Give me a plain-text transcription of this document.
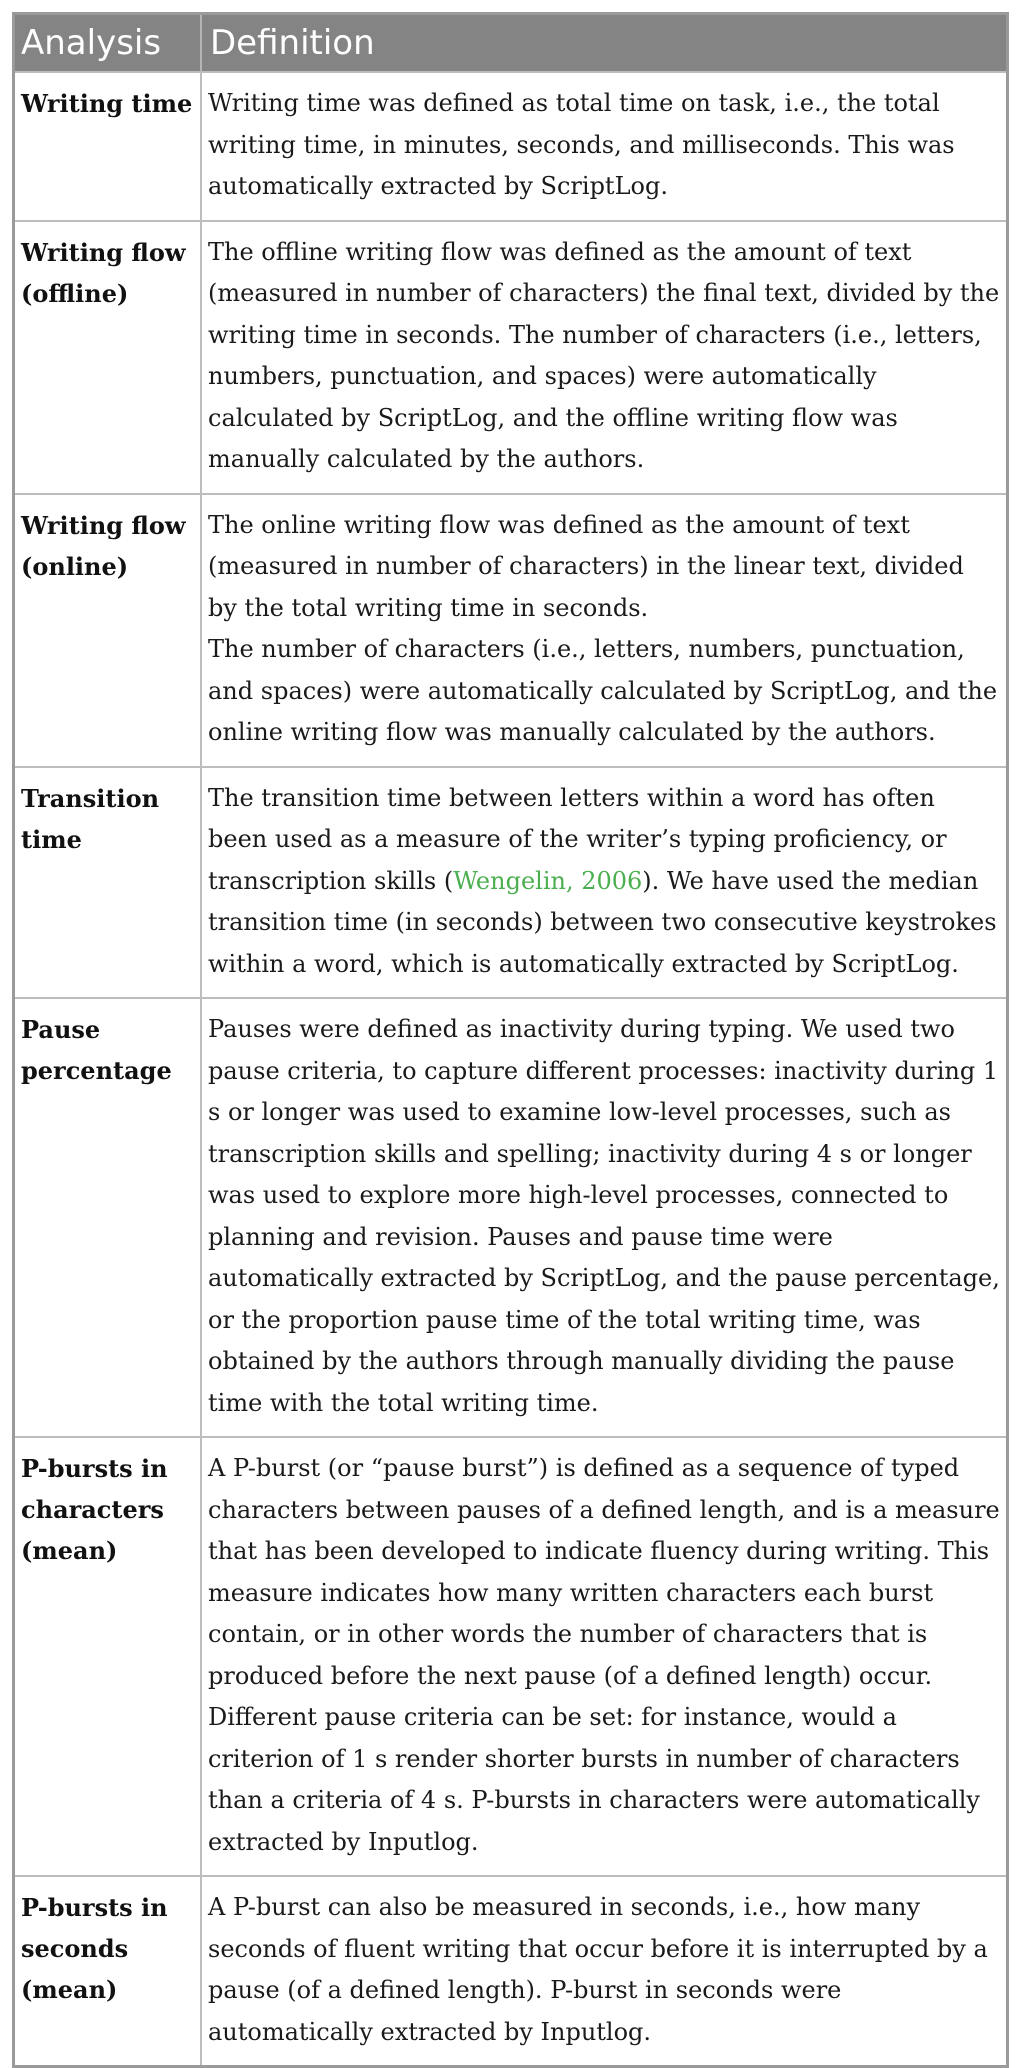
Analysis	Definition
Writing time Writing time was defined as total time on task, i.e., the total writing time, in minutes, seconds, and milliseconds. This was automatically extracted by ScriptLog.
Writing flow (offline)
The offline writing flow was defined as the amount of text (measured in number of characters) the final text, divided by the writing time in seconds. The number of characters (i.e., letters, numbers, punctuation, and spaces) were automatically calculated by ScriptLog, and the offline writing flow was manually calculated by the authors.
Writing flow (online)
The online writing flow was defined as the amount of text (measured in number of characters) in the linear text, divided by the total writing time in seconds.
The number of characters (i.e., letters, numbers, punctuation, and spaces) were automatically calculated by ScriptLog, and the online writing flow was manually calculated by the authors.
Transition time
The transition time between letters within a word has often been used as a measure of the writer’s typing proficiency, or transcription skills (Wengelin, 2006). We have used the median transition time (in seconds) between two consecutive keystrokes within a word, which is automatically extracted by ScriptLog.
Pause percentage
Pauses were defined as inactivity during typing. We used two pause criteria, to capture different processes: inactivity during 1 s or longer was used to examine low-level processes, such as transcription skills and spelling; inactivity during 4 s or longer was used to explore more high-level processes, connected to planning and revision. Pauses and pause time were automatically extracted by ScriptLog, and the pause percentage, or the proportion pause time of the total writing time, was obtained by the authors through manually dividing the pause time with the total writing time.
P-bursts in characters (mean)
A P-burst (or “pause burst”) is defined as a sequence of typed characters between pauses of a defined length, and is a measure that has been developed to indicate fluency during writing. This measure indicates how many written characters each burst contain, or in other words the number of characters that is produced before the next pause (of a defined length) occur. Different pause criteria can be set: for instance, would a criterion of 1 s render shorter bursts in number of characters than a criteria of 4 s. P-bursts in characters were automatically extracted by Inputlog.
P-bursts in seconds (mean)
A P-burst can also be measured in seconds, i.e., how many seconds of fluent writing that occur before it is interrupted by a pause (of a defined length). P-burst in seconds were automatically extracted by Inputlog.
